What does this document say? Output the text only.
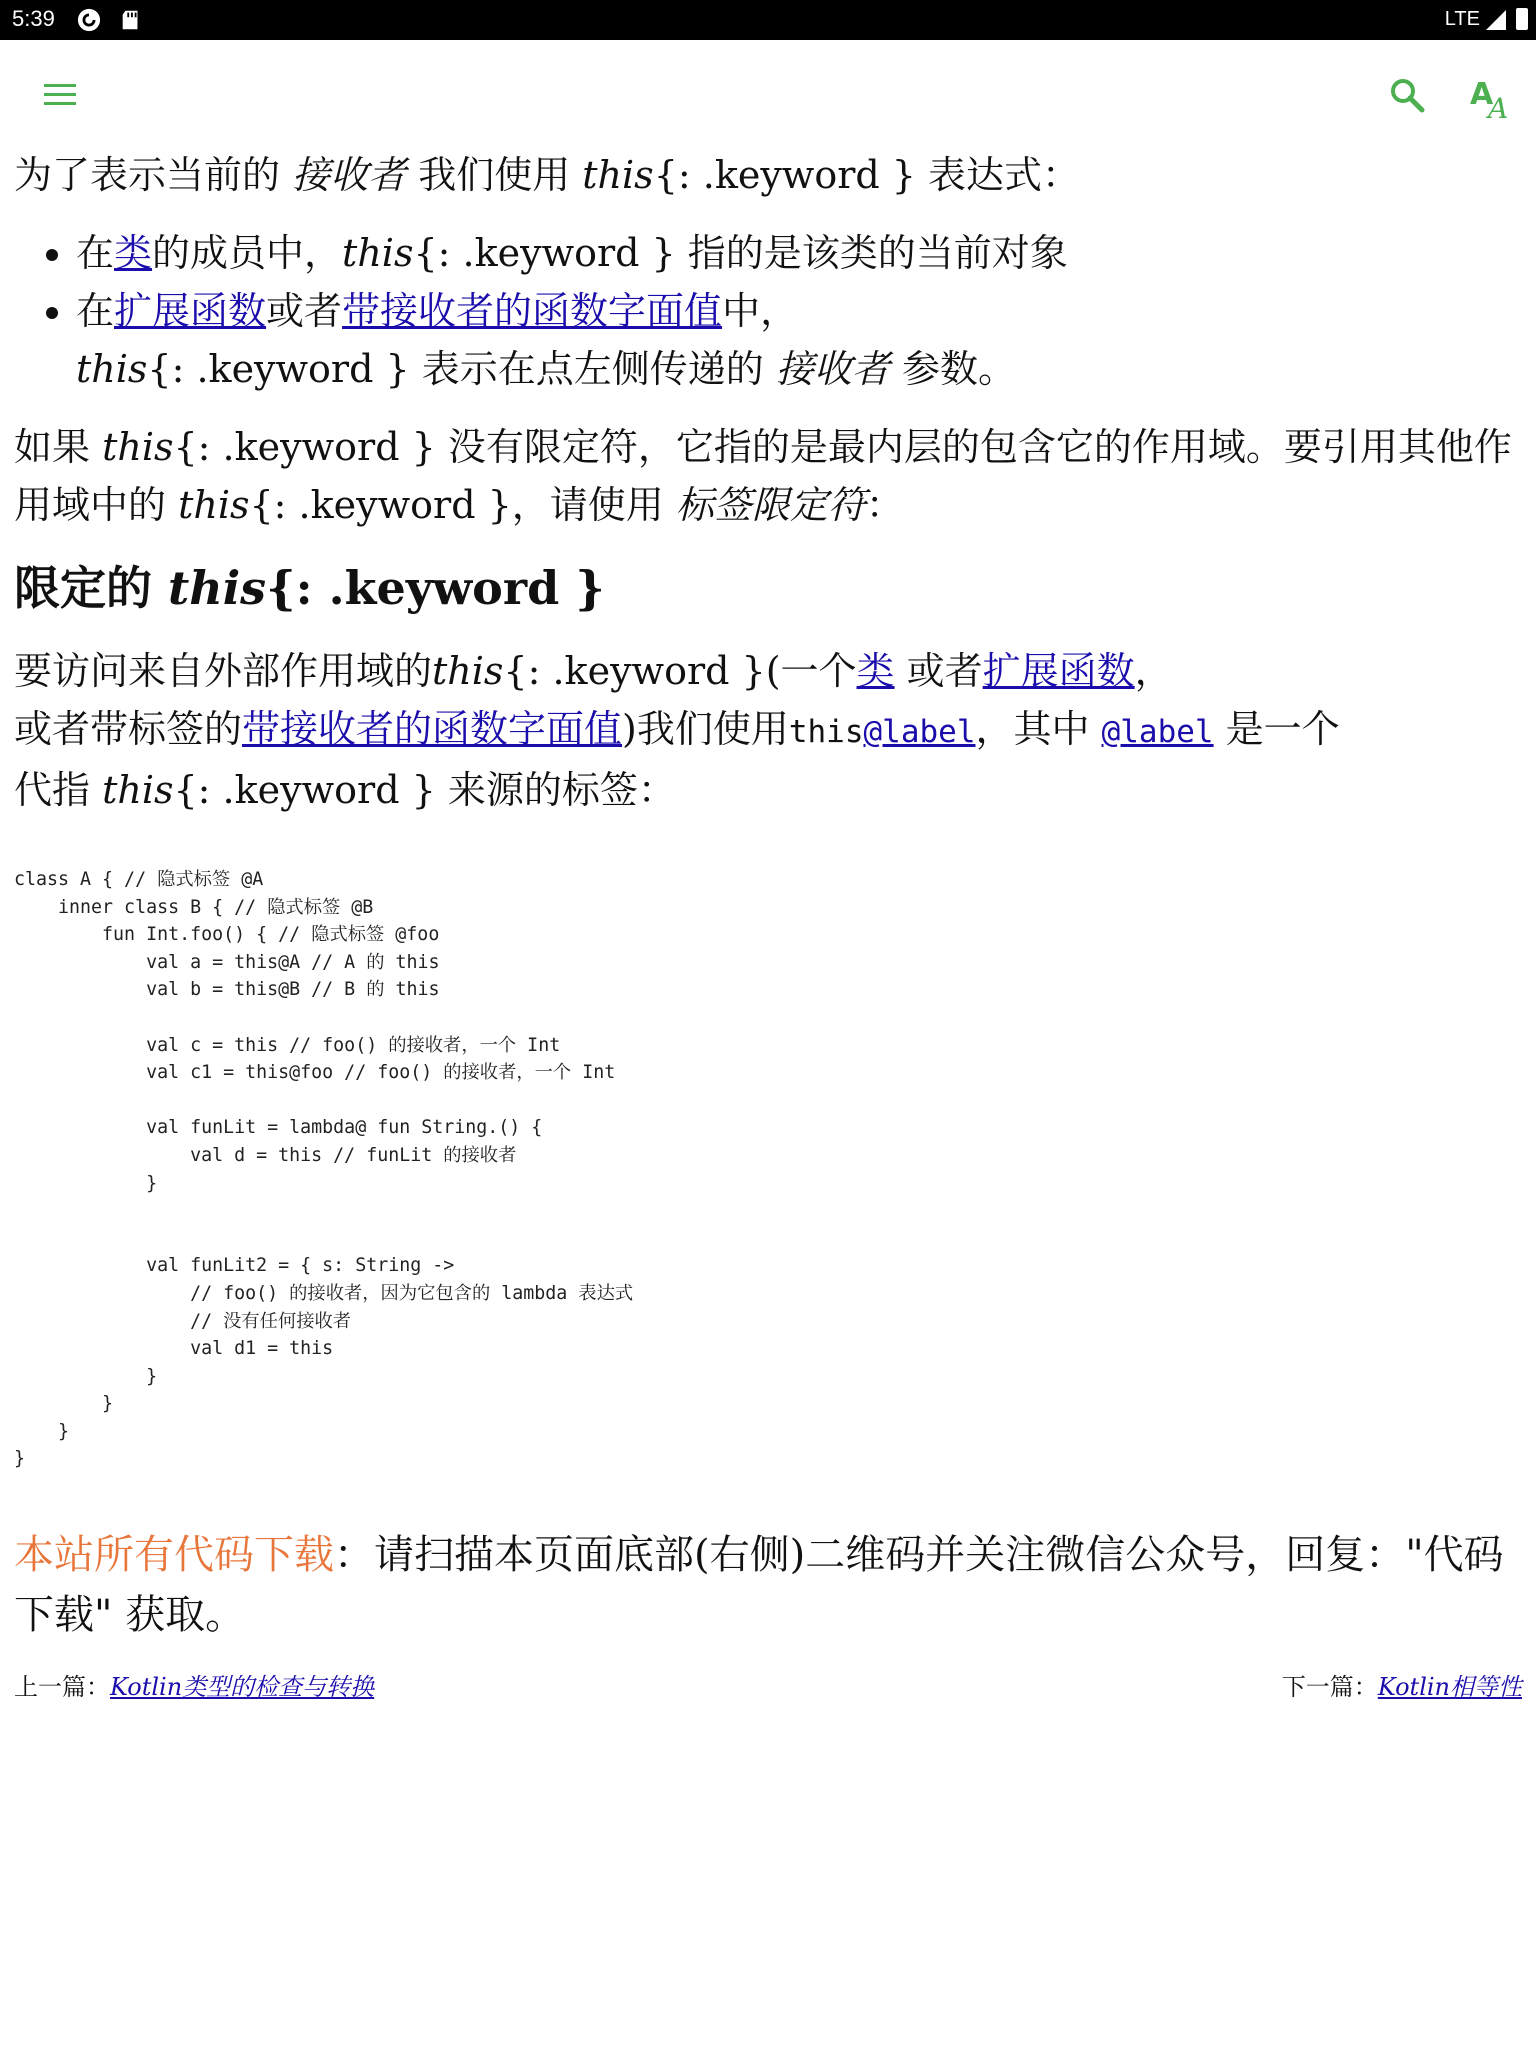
5:39	LTE
A
A

为了表示当前的 接收者 我们使用 this{: .keyword } 表达式：

• 在类的成员中，this{: .keyword } 指的是该类的当前对象
• 在扩展函数或者带接收者的函数字面值中，
this{: .keyword } 表示在点左侧传递的 接收者 参数。

如果 this{: .keyword } 没有限定符，它指的是最内层的包含它的作用域。要引用其他作用域中的 this{: .keyword }，请使用 标签限定符：

限定的 this{: .keyword }

要访问来自外部作用域的this{: .keyword }(一个类 或者扩展函数，
或者带标签的带接收者的函数字面值)我们使用this@label，其中 @label 是一个
代指 this{: .keyword } 来源的标签：

class A { // 隐式标签 @A
inner class B { // 隐式标签 @B
fun Int.foo() { // 隐式标签 @foo
val a = this@A // A 的 this
val b = this@B // B 的 this

val c = this // foo() 的接收者，一个 Int
val c1 = this@foo // foo() 的接收者，一个 Int

val funLit = lambda@ fun String.() {
val d = this // funLit 的接收者
}

val funLit2 = { s: String ->
// foo() 的接收者，因为它包含的 lambda 表达式
// 没有任何接收者
val d1 = this
}
}
}
}

本站所有代码下载：请扫描本页面底部(右侧)二维码并关注微信公众号，回复："代码下载" 获取。

上一篇：Kotlin类型的检查与转换	下一篇：Kotlin相等性
